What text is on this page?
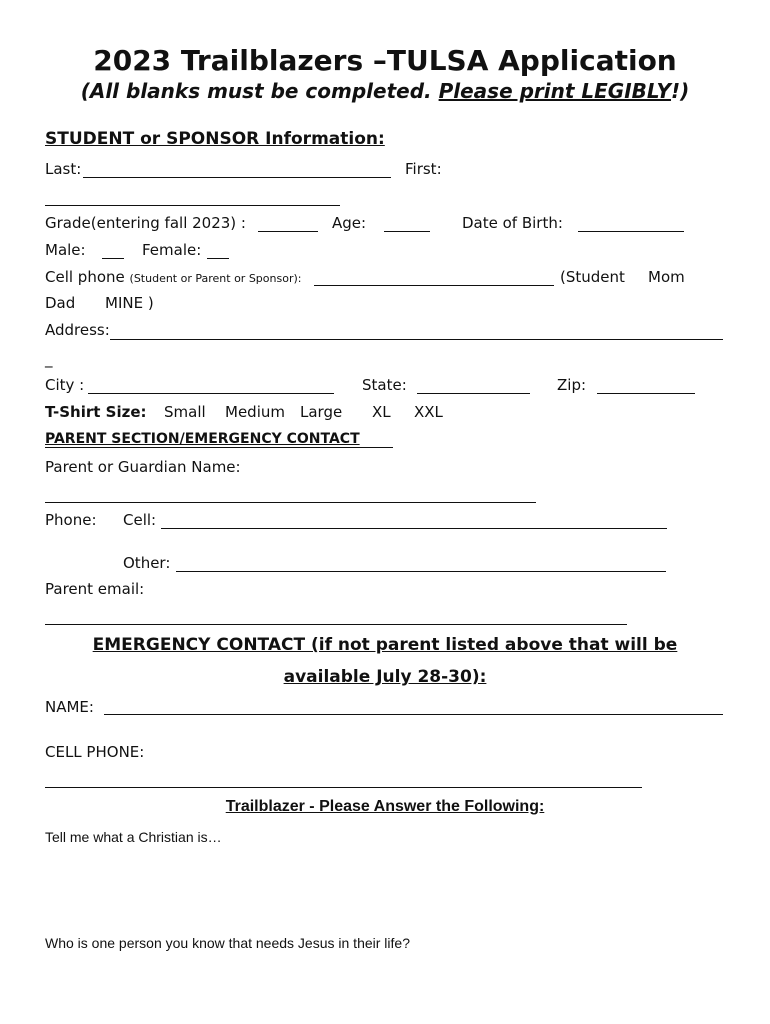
2023 Trailblazers –TULSA Application
(All blanks must be completed. Please print LEGIBLY!)
STUDENT or SPONSOR Information:
Last:	First:
Grade(entering fall 2023) :	Age:	Date of Birth:
Male:	Female:
Cell phone (Student or Parent or Sponsor):	(Student Mom
Dad MINE )
Address:
_
City :	State:	Zip:
T-Shirt Size: Small Medium Large XL XXL
PARENT SECTION/EMERGENCY CONTACT
Parent or Guardian Name:
Phone: Cell:
Other:
Parent email:
EMERGENCY CONTACT (if not parent listed above that will be
available July 28-30):
NAME:
CELL PHONE:
Trailblazer - Please Answer the Following:
Tell me what a Christian is…
Who is one person you know that needs Jesus in their life?
